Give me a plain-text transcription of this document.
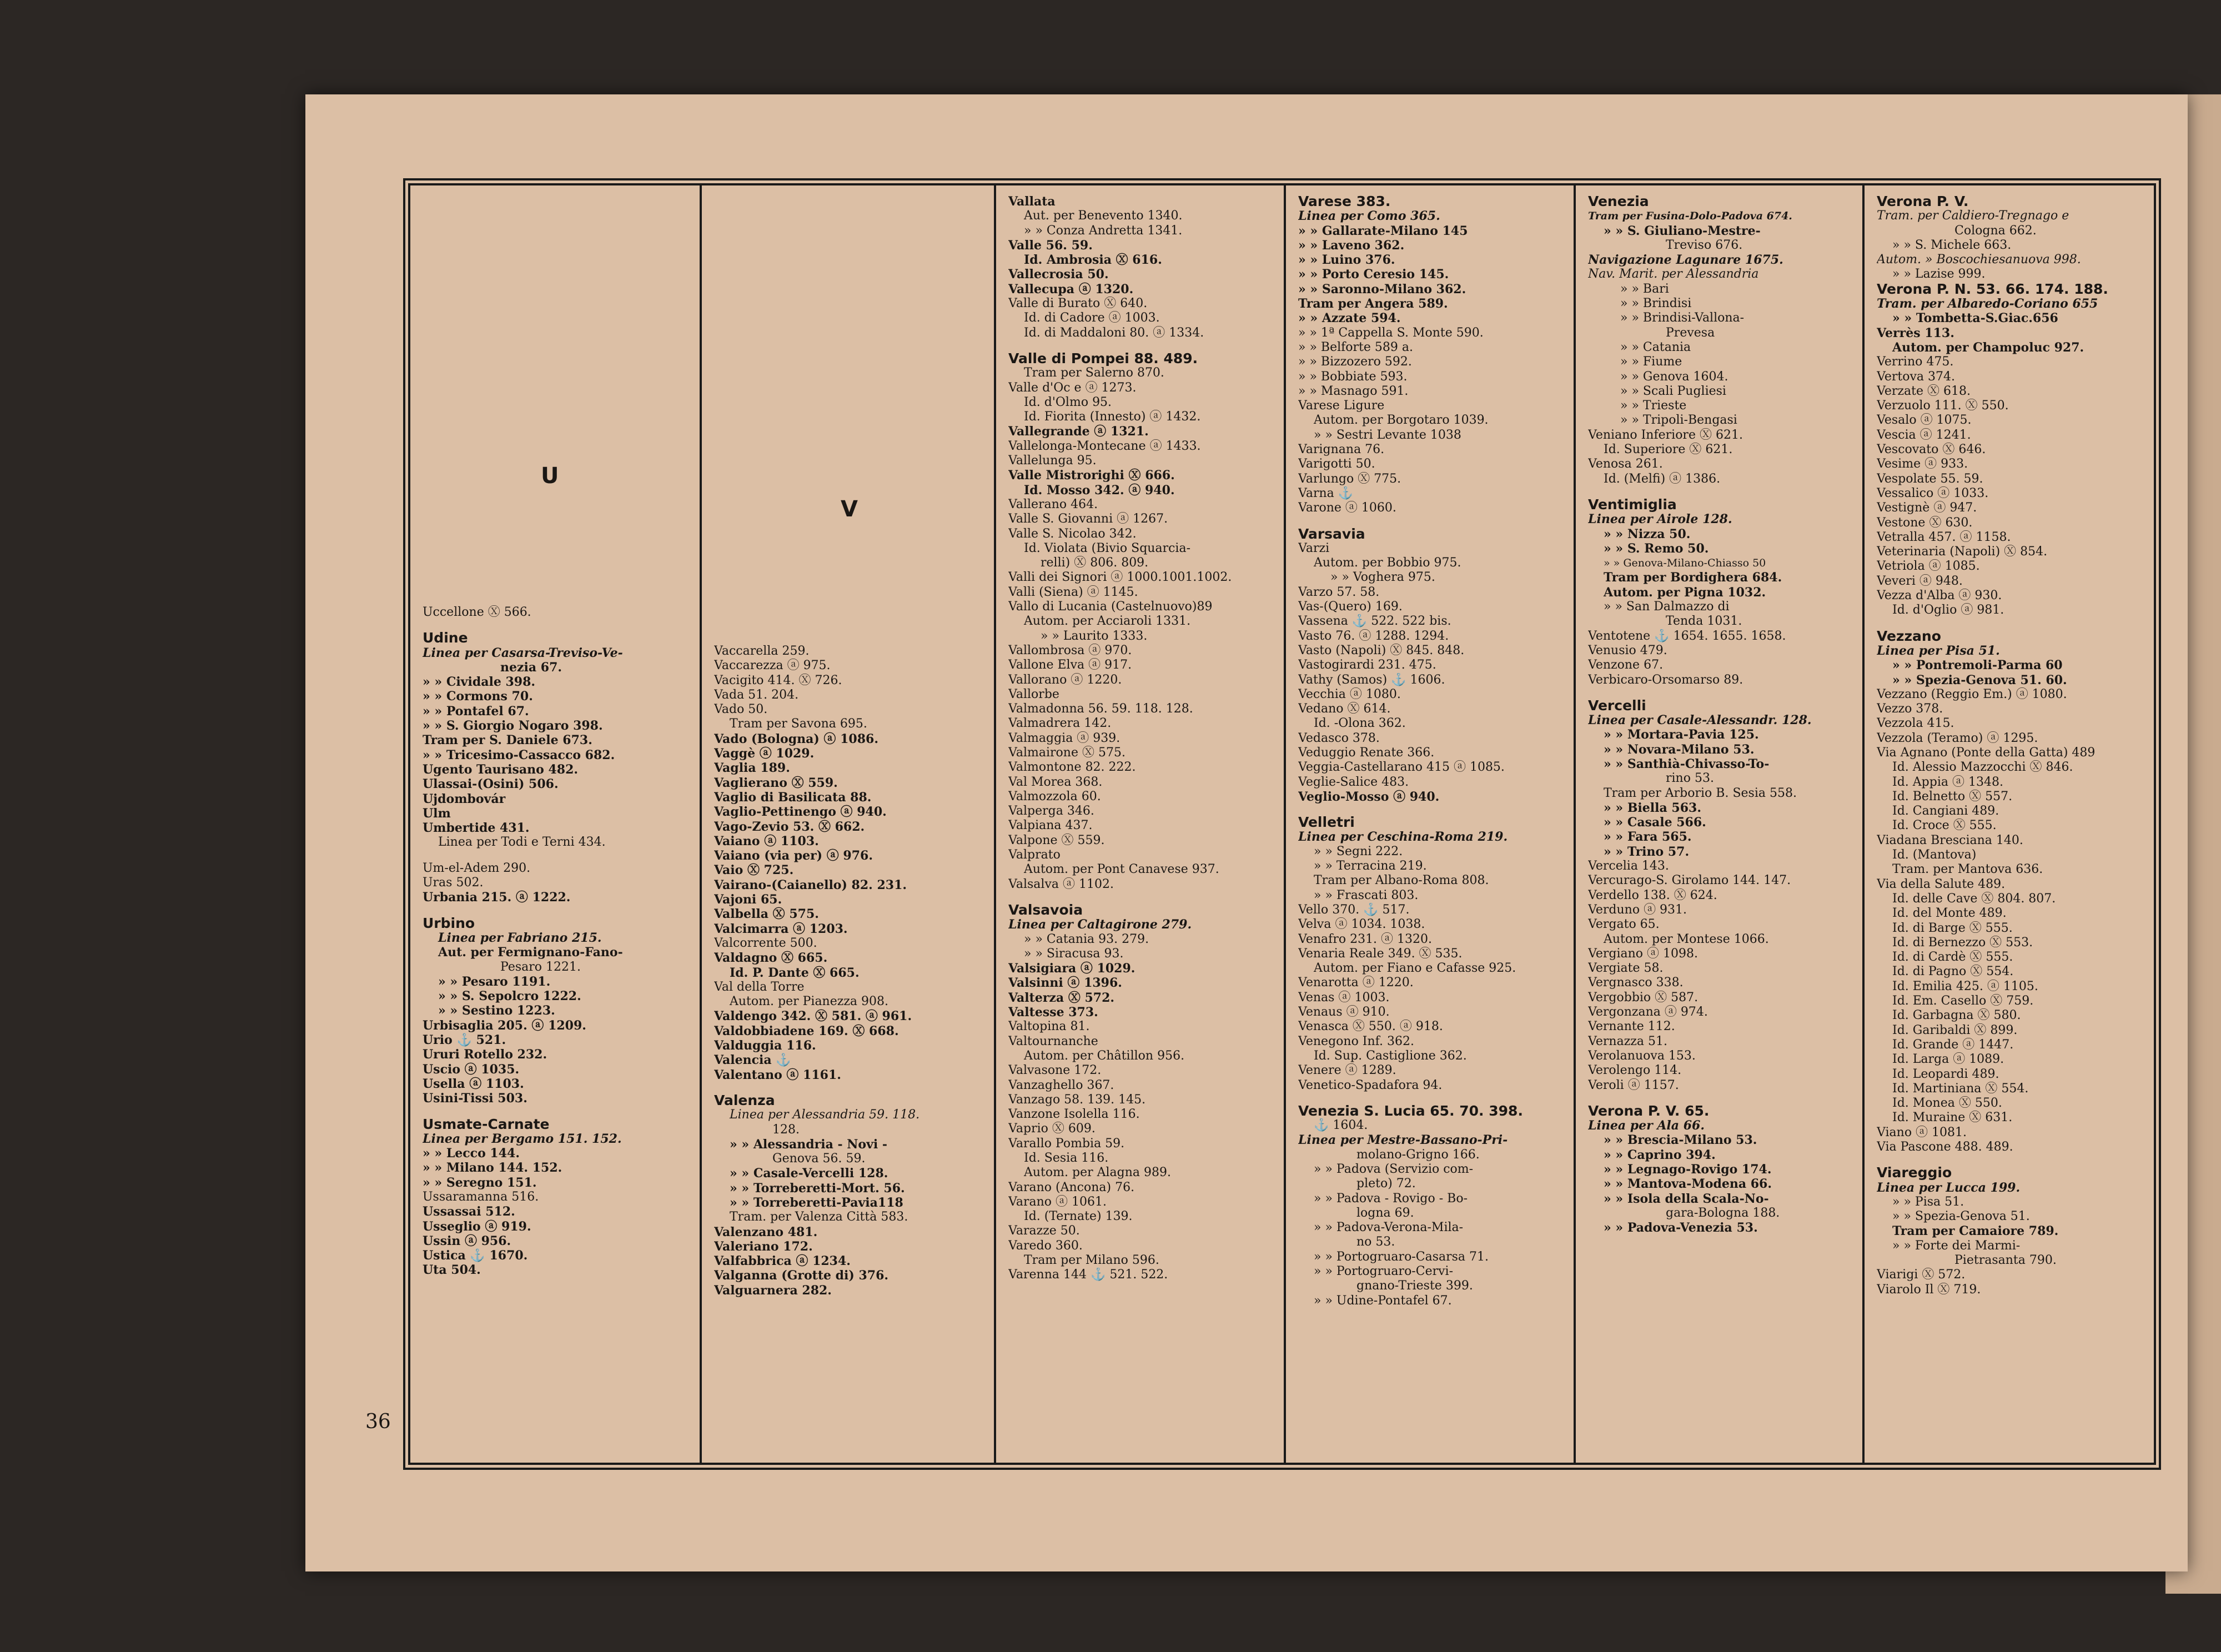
U
Uccellone Ⓧ 566.
Udine
Linea per Casarsa-Treviso-Ve-
nezia 67.
» » Cividale 398.
» » Cormons 70.
» » Pontafel 67.
» » S. Giorgio Nogaro 398.
Tram per S. Daniele 673.
» » Tricesimo-Cassacco 682.
Ugento Taurisano 482.
Ulassai-(Osini) 506.
Ujdombovár
Ulm
Umbertide 431.
Linea per Todi e Terni 434.
Um-el-Adem 290.
Uras 502.
Urbania 215. ⓐ 1222.
Urbino
Linea per Fabriano 215.
Aut. per Fermignano-Fano-
Pesaro 1221.
» » Pesaro 1191.
» » S. Sepolcro 1222.
» » Sestino 1223.
Urbisaglia 205. ⓐ 1209.
Urio ⚓ 521.
Ururi Rotello 232.
Uscio ⓐ 1035.
Usella ⓐ 1103.
Usini-Tissi 503.
Usmate-Carnate
Linea per Bergamo 151. 152.
» » Lecco 144.
» » Milano 144. 152.
» » Seregno 151.
Ussaramanna 516.
Ussassai 512.
Usseglio ⓐ 919.
Ussin ⓐ 956.
Ustica ⚓ 1670.
Uta 504.
V
Vaccarella 259.
Vaccarezza ⓐ 975.
Vacigito 414. Ⓧ 726.
Vada 51. 204.
Vado 50.
Tram per Savona 695.
Vado (Bologna) ⓐ 1086.
Vaggè ⓐ 1029.
Vaglia 189.
Vaglierano Ⓧ 559.
Vaglio di Basilicata 88.
Vaglio-Pettinengo ⓐ 940.
Vago-Zevio 53. Ⓧ 662.
Vaiano ⓐ 1103.
Vaiano (via per) ⓐ 976.
Vaio Ⓧ 725.
Vairano-(Caianello) 82. 231.
Vajoni 65.
Valbella Ⓧ 575.
Valcimarra ⓐ 1203.
Valcorrente 500.
Valdagno Ⓧ 665.
Id. P. Dante Ⓧ 665.
Val della Torre
Autom. per Pianezza 908.
Valdengo 342. Ⓧ 581. ⓐ 961.
Valdobbiadene 169. Ⓧ 668.
Valduggia 116.
Valencia ⚓
Valentano ⓐ 1161.
Valenza
Linea per Alessandria 59. 118.
128.
» » Alessandria - Novi -
Genova 56. 59.
» » Casale-Vercelli 128.
» » Torreberetti-Mort. 56.
» » Torreberetti-Pavia118
Tram. per Valenza Città 583.
Valenzano 481.
Valeriano 172.
Valfabbrica ⓐ 1234.
Valganna (Grotte di) 376.
Valguarnera 282.
Vallata
Aut. per Benevento 1340.
» » Conza Andretta 1341.
Valle 56. 59.
Id. Ambrosia Ⓧ 616.
Vallecrosia 50.
Vallecupa ⓐ 1320.
Valle di Burato Ⓧ 640.
Id. di Cadore ⓐ 1003.
Id. di Maddaloni 80. ⓐ 1334.
Valle di Pompei 88. 489.
Tram per Salerno 870.
Valle d'Oc e ⓐ 1273.
Id. d'Olmo 95.
Id. Fiorita (Innesto) ⓐ 1432.
Vallegrande ⓐ 1321.
Vallelonga-Montecane ⓐ 1433.
Vallelunga 95.
Valle Mistrorighi Ⓧ 666.
Id. Mosso 342. ⓐ 940.
Vallerano 464.
Valle S. Giovanni ⓐ 1267.
Valle S. Nicolao 342.
Id. Violata (Bivio Squarcia-
relli) Ⓧ 806. 809.
Valli dei Signori ⓐ 1000.1001.1002.
Valli (Siena) ⓐ 1145.
Vallo di Lucania (Castelnuovo)89
Autom. per Acciaroli 1331.
» » Laurito 1333.
Vallombrosa ⓐ 970.
Vallone Elva ⓐ 917.
Vallorano ⓐ 1220.
Vallorbe
Valmadonna 56. 59. 118. 128.
Valmadrera 142.
Valmaggia ⓐ 939.
Valmairone Ⓧ 575.
Valmontone 82. 222.
Val Morea 368.
Valmozzola 60.
Valperga 346.
Valpiana 437.
Valpone Ⓧ 559.
Valprato
Autom. per Pont Canavese 937.
Valsalva ⓐ 1102.
Valsavoia
Linea per Caltagirone 279.
» » Catania 93. 279.
» » Siracusa 93.
Valsigiara ⓐ 1029.
Valsinni ⓐ 1396.
Valterza Ⓧ 572.
Valtesse 373.
Valtopina 81.
Valtournanche
Autom. per Châtillon 956.
Valvasone 172.
Vanzaghello 367.
Vanzago 58. 139. 145.
Vanzone Isolella 116.
Vaprio Ⓧ 609.
Varallo Pombia 59.
Id. Sesia 116.
Autom. per Alagna 989.
Varano (Ancona) 76.
Varano ⓐ 1061.
Id. (Ternate) 139.
Varazze 50.
Varedo 360.
Tram per Milano 596.
Varenna 144 ⚓ 521. 522.
Varese 383.
Linea per Como 365.
» » Gallarate-Milano 145
» » Laveno 362.
» » Luino 376.
» » Porto Ceresio 145.
» » Saronno-Milano 362.
Tram per Angera 589.
» » Azzate 594.
» » 1ª Cappella S. Monte 590.
» » Belforte 589 a.
» » Bizzozero 592.
» » Bobbiate 593.
» » Masnago 591.
Varese Ligure
Autom. per Borgotaro 1039.
» » Sestri Levante 1038
Varignana 76.
Varigotti 50.
Varlungo Ⓧ 775.
Varna ⚓
Varone ⓐ 1060.
Varsavia
Varzi
Autom. per Bobbio 975.
» » Voghera 975.
Varzo 57. 58.
Vas-(Quero) 169.
Vassena ⚓ 522. 522 bis.
Vasto 76. ⓐ 1288. 1294.
Vasto (Napoli) Ⓧ 845. 848.
Vastogirardi 231. 475.
Vathy (Samos) ⚓ 1606.
Vecchia ⓐ 1080.
Vedano Ⓧ 614.
Id. -Olona 362.
Vedasco 378.
Veduggio Renate 366.
Veggia-Castellarano 415 ⓐ 1085.
Veglie-Salice 483.
Veglio-Mosso ⓐ 940.
Velletri
Linea per Ceschina-Roma 219.
» » Segni 222.
» » Terracina 219.
Tram per Albano-Roma 808.
» » Frascati 803.
Vello 370. ⚓ 517.
Velva ⓐ 1034. 1038.
Venafro 231. ⓐ 1320.
Venaria Reale 349. Ⓧ 535.
Autom. per Fiano e Cafasse 925.
Venarotta ⓐ 1220.
Venas ⓐ 1003.
Venaus ⓐ 910.
Venasca Ⓧ 550. ⓐ 918.
Venegono Inf. 362.
Id. Sup. Castiglione 362.
Venere ⓐ 1289.
Venetico-Spadafora 94.
Venezia S. Lucia 65. 70. 398.
⚓ 1604.
Linea per Mestre-Bassano-Pri-
molano-Grigno 166.
» » Padova (Servizio com-
pleto) 72.
» » Padova - Rovigo - Bo-
logna 69.
» » Padova-Verona-Mila-
no 53.
» » Portogruaro-Casarsa 71.
» » Portogruaro-Cervi-
gnano-Trieste 399.
» » Udine-Pontafel 67.
Venezia
Tram per Fusina-Dolo-Padova 674.
» » S. Giuliano-Mestre-
Treviso 676.
Navigazione Lagunare 1675.
Nav. Marit. per Alessandria
» » Bari
» » Brindisi
» » Brindisi-Vallona-
Prevesa
» » Catania
» » Fiume
» » Genova 1604.
» » Scali Pugliesi
» » Trieste
» » Tripoli-Bengasi
Veniano Inferiore Ⓧ 621.
Id. Superiore Ⓧ 621.
Venosa 261.
Id. (Melfi) ⓐ 1386.
Ventimiglia
Linea per Airole 128.
» » Nizza 50.
» » S. Remo 50.
» » Genova-Milano-Chiasso 50
Tram per Bordighera 684.
Autom. per Pigna 1032.
» » San Dalmazzo di
Tenda 1031.
Ventotene ⚓ 1654. 1655. 1658.
Venusio 479.
Venzone 67.
Verbicaro-Orsomarso 89.
Vercelli
Linea per Casale-Alessandr. 128.
» » Mortara-Pavia 125.
» » Novara-Milano 53.
» » Santhià-Chivasso-To-
rino 53.
Tram per Arborio B. Sesia 558.
» » Biella 563.
» » Casale 566.
» » Fara 565.
» » Trino 57.
Vercelia 143.
Vercurago-S. Girolamo 144. 147.
Verdello 138. Ⓧ 624.
Verduno ⓐ 931.
Vergato 65.
Autom. per Montese 1066.
Vergiano ⓐ 1098.
Vergiate 58.
Vergnasco 338.
Vergobbio Ⓧ 587.
Vergonzana ⓐ 974.
Vernante 112.
Vernazza 51.
Verolanuova 153.
Verolengo 114.
Veroli ⓐ 1157.
Verona P. V. 65.
Linea per Ala 66.
» » Brescia-Milano 53.
» » Caprino 394.
» » Legnago-Rovigo 174.
» » Mantova-Modena 66.
» » Isola della Scala-No-
gara-Bologna 188.
» » Padova-Venezia 53.
Verona P. V.
Tram. per Caldiero-Tregnago e
Cologna 662.
» » S. Michele 663.
Autom. » Boscochiesanuova 998.
» » Lazise 999.
Verona P. N. 53. 66. 174. 188.
Tram. per Albaredo-Coriano 655
» » Tombetta-S.Giac.656
Verrès 113.
Autom. per Champoluc 927.
Verrino 475.
Vertova 374.
Verzate Ⓧ 618.
Verzuolo 111. Ⓧ 550.
Vesalo ⓐ 1075.
Vescia ⓐ 1241.
Vescovato Ⓧ 646.
Vesime ⓐ 933.
Vespolate 55. 59.
Vessalico ⓐ 1033.
Vestignè ⓐ 947.
Vestone Ⓧ 630.
Vetralla 457. ⓐ 1158.
Veterinaria (Napoli) Ⓧ 854.
Vetriola ⓐ 1085.
Veveri ⓐ 948.
Vezza d'Alba ⓐ 930.
Id. d'Oglio ⓐ 981.
Vezzano
Linea per Pisa 51.
» » Pontremoli-Parma 60
» » Spezia-Genova 51. 60.
Vezzano (Reggio Em.) ⓐ 1080.
Vezzo 378.
Vezzola 415.
Vezzola (Teramo) ⓐ 1295.
Via Agnano (Ponte della Gatta) 489
Id. Alessio Mazzocchi Ⓧ 846.
Id. Appia ⓐ 1348.
Id. Belnetto Ⓧ 557.
Id. Cangiani 489.
Id. Croce Ⓧ 555.
Viadana Bresciana 140.
Id. (Mantova)
Tram. per Mantova 636.
Via della Salute 489.
Id. delle Cave Ⓧ 804. 807.
Id. del Monte 489.
Id. di Barge Ⓧ 555.
Id. di Bernezzo Ⓧ 553.
Id. di Cardè Ⓧ 555.
Id. di Pagno Ⓧ 554.
Id. Emilia 425. ⓐ 1105.
Id. Em. Casello Ⓧ 759.
Id. Garbagna Ⓧ 580.
Id. Garibaldi Ⓧ 899.
Id. Grande ⓐ 1447.
Id. Larga ⓐ 1089.
Id. Leopardi 489.
Id. Martiniana Ⓧ 554.
Id. Monea Ⓧ 550.
Id. Muraine Ⓧ 631.
Viano ⓐ 1081.
Via Pascone 488. 489.
Viareggio
Linea per Lucca 199.
» » Pisa 51.
» » Spezia-Genova 51.
Tram per Camaiore 789.
» » Forte dei Marmi-
Pietrasanta 790.
Viarigi Ⓧ 572.
Viarolo Il Ⓧ 719.
36
